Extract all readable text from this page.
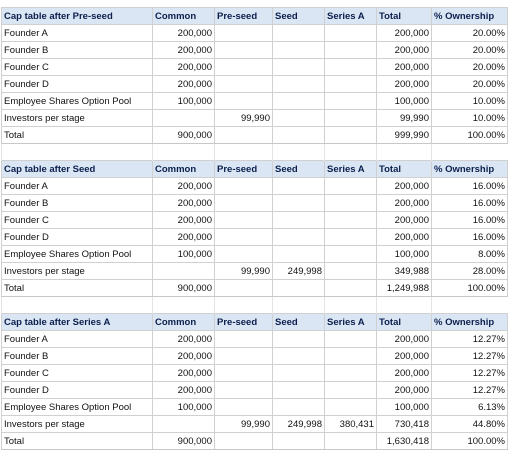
Cap table after Pre-seed	Common	Pre-seed	Seed	Series A	Total	% Ownership
Founder A	200,000				200,000	20.00%
Founder B	200,000				200,000	20.00%
Founder C	200,000				200,000	20.00%
Founder D	200,000				200,000	20.00%
Employee Shares Option Pool	100,000				100,000	10.00%
Investors per stage		99,990			99,990	10.00%
Total	900,000				999,990	100.00%

Cap table after Seed	Common	Pre-seed	Seed	Series A	Total	% Ownership
Founder A	200,000				200,000	16.00%
Founder B	200,000				200,000	16.00%
Founder C	200,000				200,000	16.00%
Founder D	200,000				200,000	16.00%
Employee Shares Option Pool	100,000				100,000	8.00%
Investors per stage		99,990	249,998		349,988	28.00%
Total	900,000				1,249,988	100.00%

Cap table after Series A	Common	Pre-seed	Seed	Series A	Total	% Ownership
Founder A	200,000				200,000	12.27%
Founder B	200,000				200,000	12.27%
Founder C	200,000				200,000	12.27%
Founder D	200,000				200,000	12.27%
Employee Shares Option Pool	100,000				100,000	6.13%
Investors per stage		99,990	249,998	380,431	730,418	44.80%
Total	900,000				1,630,418	100.00%
